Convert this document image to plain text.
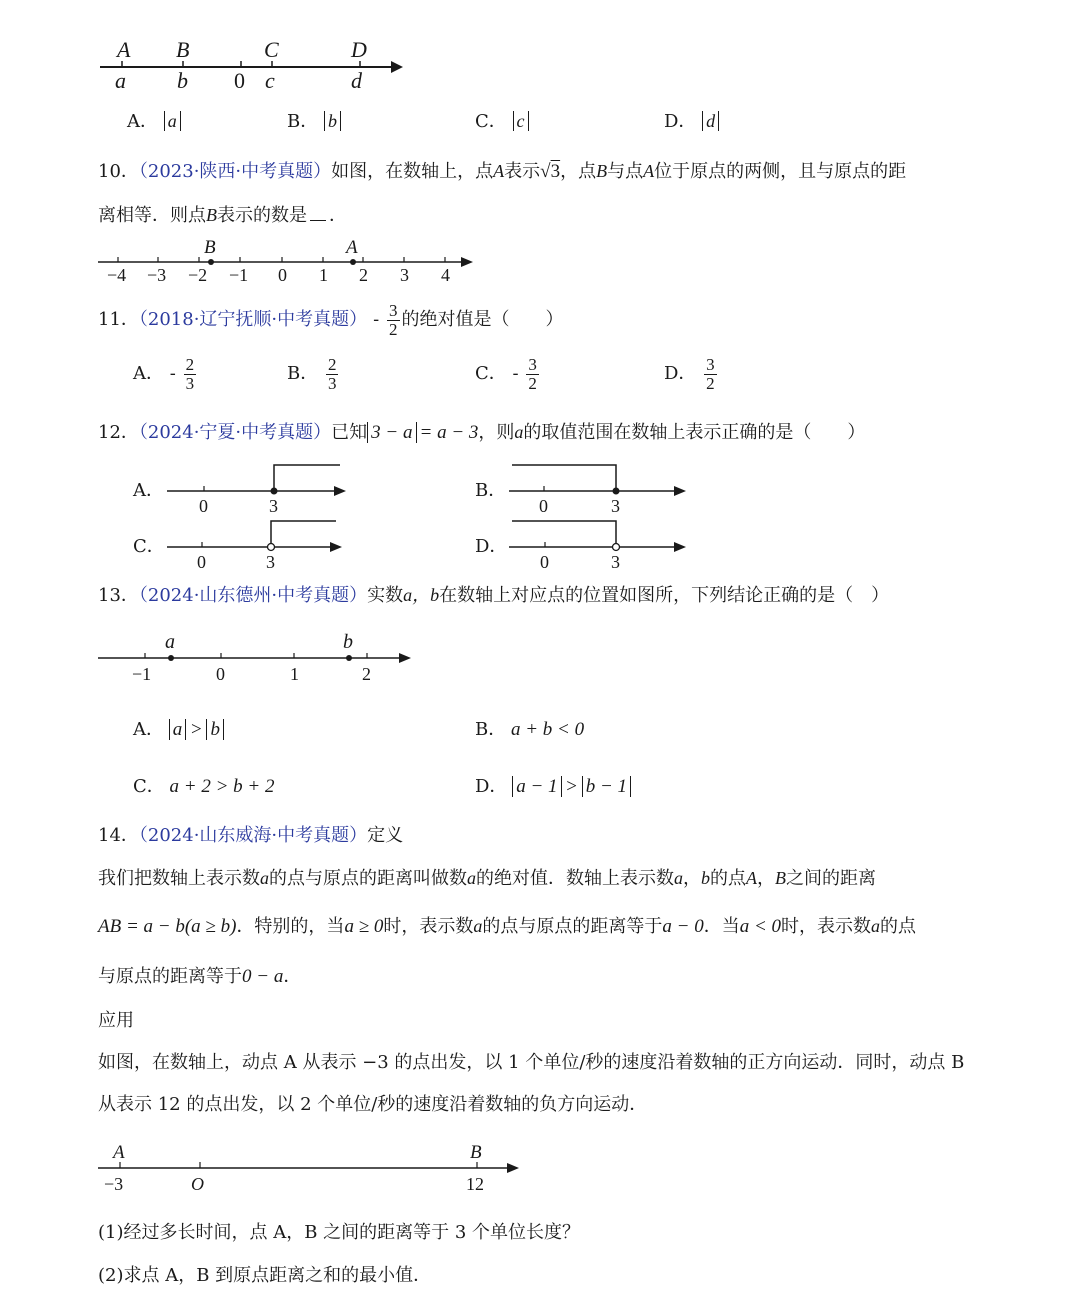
A B	C	D
a b 0 c	d
A． a	B． b	C． c	D． d
10．（2023·陕西·中考真题）如图，在数轴上，点A表示√3，点B与点A位于原点的两侧，且与原点的距
离相等．则点B表示的数是 ．
B	A
−4 −3 −2 −1 0 1 2 3 4
11．（2018·辽宁抚顺·中考真题） - $\frac{3}{2}$ 的绝对值是（　　）
A． - $\frac{2}{3}$	B． $\frac{2}{3}$	C． - $\frac{3}{2}$	D． $\frac{3}{2}$
12．（2024·宁夏·中考真题）已知 3 − a = a − 3，则a的取值范围在数轴上表示正确的是（　　）
A．
0	3
B．
0	3
C．
0	3
D．
0	3
13．（2024·山东德州·中考真题）实数a，b在数轴上对应点的位置如图所，下列结论正确的是（　）
a	b
−1	0	1	2
A． a > b	B． a + b < 0
C． a + 2 > b + 2	D． a − 1 > b − 1
14．（2024·山东威海·中考真题）定义
我们把数轴上表示数a的点与原点的距离叫做数a的绝对值．数轴上表示数a，b的点A，B之间的距离
AB = a − b(a ≥ b)．特别的，当a ≥ 0时，表示数a的点与原点的距离等于a − 0．当a < 0时，表示数a的点
与原点的距离等于0 − a．
应用
如图，在数轴上，动点 A 从表示 −3 的点出发，以 1 个单位/秒的速度沿着数轴的正方向运动．同时，动点 B
从表示 12 的点出发，以 2 个单位/秒的速度沿着数轴的负方向运动．
A	B
−3	O	12
(1)经过多长时间，点 A，B 之间的距离等于 3 个单位长度？
(2)求点 A，B 到原点距离之和的最小值．
